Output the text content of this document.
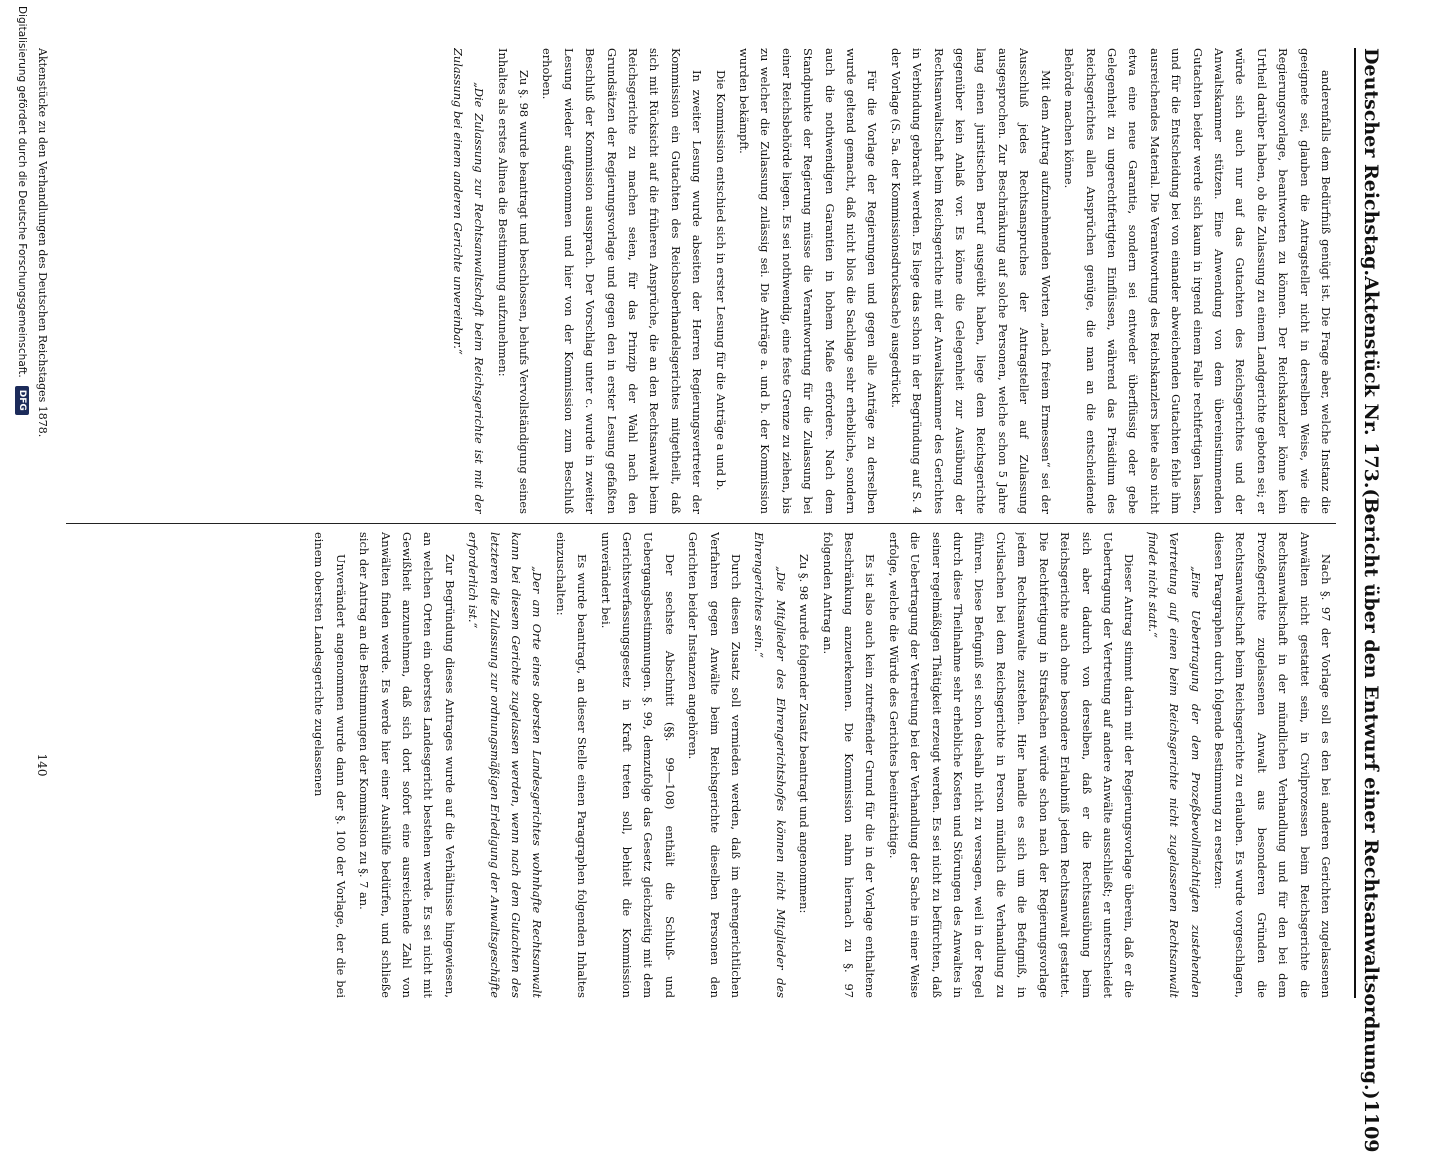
Deutscher Reichstag.
Aktenstück Nr. 173.
(Bericht über den Entwurf einer Rechtsanwaltsordnung.)
1109

anderenfalls dem Bedürfniß genügt ist. Die Frage aber, welche Instanz die geeignete sei, glauben die Antragsteller nicht in derselben Weise, wie die Regierungsvorlage, beantworten zu können. Der Reichskanzler könne kein Urtheil darüber haben, ob die Zulassung zu einem Landgerichte geboten sei; er würde sich auch nur auf das Gutachten des Reichsgerichtes und der Anwaltskammer stützen. Eine Anwendung von dem übereinstimmenden Gutachten beider werde sich kaum in irgend einem Falle rechtfertigen lassen, und für die Entscheidung bei von einander abweichenden Gutachten fehle ihm ausreichendes Material. Die Verantwortung des Reichskanzlers biete also nicht etwa eine neue Garantie, sondern sei entweder überflüssig oder gebe Gelegenheit zu ungerechtfertigten Einflüssen, während das Präsidium des Reichsgerichtes allen Ansprüchen genüge, die man an die entscheidende Behörde machen könne.

Mit dem Antrag aufzunehmenden Worten „nach freiem Ermessen“ sei der Ausschluß jedes Rechtsanspruches der Antragsteller auf Zulassung ausgesprochen. Zur Beschränkung auf solche Personen, welche schon 5 Jahre lang einen juristischen Beruf ausgeübt haben, liege dem Reichsgerichte gegenüber kein Anlaß vor. Es könne die Gelegenheit zur Ausübung der Rechtsanwaltschaft beim Reichsgerichte mit der Anwaltskammer des Gerichtes in Verbindung gebracht werden. Es liege das schon in der Begründung auf S. 4 der Vorlage (S. 5a. der Kommissionsdrucksache) ausgedrückt.

Für die Vorlage der Regierungen und gegen alle Anträge zu derselben wurde geltend gemacht, daß nicht blos die Sachlage sehr erhebliche, sondern auch die nothwendigen Garantien in hohem Maße erfordere. Nach dem Standpunkte der Regierung müsse die Verantwortung für die Zulassung bei einer Reichsbehörde liegen. Es sei nothwendig, eine feste Grenze zu ziehen, bis zu welcher die Zulassung zulässig sei. Die Anträge a. und b. der Kommission wurden bekämpft.

Die Kommission entschied sich in erster Lesung für die Anträge a und b.

In zweiter Lesung wurde abseiten der Herren Regierungsvertreter der Kommission ein Gutachten des Reichsoberhandelsgerichtes mitgetheilt, daß sich mit Rücksicht auf die früheren Ansprüche, die an den Rechtsanwalt beim Reichsgerichte zu machen seien, für das Prinzip der Wahl nach den Grundsätzen der Regierungsvorlage und gegen den in erster Lesung gefaßten Beschluß der Kommission aussprach. Der Vorschlag unter c. wurde in zweiter Lesung wieder aufgenommen und hier von der Kommission zum Beschluß erhoben.

Zu §. 98 wurde beantragt und beschlossen, behufs Vervollständigung seines Inhaltes als erstes Alinea die Bestimmung aufzunehmen:

„Die Zulassung zur Rechtsanwaltschaft beim Reichsgerichte ist mit der Zulassung bei einem anderen Gerichte unvereinbar.“

Nach §. 97 der Vorlage soll es den bei anderen Gerichten zugelassenen Anwälten nicht gestattet sein, in Civilprozessen beim Reichsgerichte die Rechtsanwaltschaft in der mündlichen Verhandlung und für den bei dem Prozeßgerichte zugelassenen Anwalt aus besonderen Gründen die Rechtsanwaltschaft beim Reichsgerichte zu erlauben. Es wurde vorgeschlagen, diesen Paragraphen durch folgende Bestimmung zu ersetzen:

„Eine Uebertragung der dem Prozeßbevollmächtigten zustehenden Vertretung auf einen beim Reichsgerichte nicht zugelassenen Rechtsanwalt findet nicht statt.“

Dieser Antrag stimmt darin mit der Regierungsvorlage überein, daß er die Uebertragung der Vertretung auf andere Anwälte ausschließt; er unterscheidet sich aber dadurch von derselben, daß er die Rechtsausübung beim Reichsgerichte auch ohne besondere Erlaubniß jedem Rechtsanwalt gestattet. Die Rechtfertigung in Strafsachen würde schon nach der Regierungsvorlage jedem Rechtsanwalte zustehen. Hier handle es sich um die Befugniß, in Civilsachen bei dem Reichsgerichte in Person mündlich die Verhandlung zu führen. Diese Befugniß sei schon deshalb nicht zu versagen, weil in der Regel durch diese Theilnahme sehr erhebliche Kosten und Störungen des Anwaltes in seiner regelmäßigen Thätigkeit erzeugt werden. Es sei nicht zu befürchten, daß die Uebertragung der Vertretung bei der Verhandlung der Sache in einer Weise erfolge, welche die Würde des Gerichtes beeinträchtige.

Es ist also auch kein zutreffender Grund für die in der Vorlage enthaltene Beschränkung anzuerkennen. Die Kommission nahm hiernach zu §. 97 folgenden Antrag an.

Zu §. 98 wurde folgender Zusatz beantragt und angenommen:

„Die Mitglieder des Ehrengerichtshofes können nicht Mitglieder des Ehrengerichtes sein.“

Durch diesen Zusatz soll vermieden werden, daß im ehrengerichtlichen Verfahren gegen Anwälte beim Reichsgerichte dieselben Personen den Gerichten beider Instanzen angehören.

Der sechste Abschnitt (§§. 99—108) enthält die Schluß- und Uebergangsbestimmungen. §. 99, demzufolge das Gesetz gleichzeitig mit dem Gerichtsverfassungsgesetz in Kraft treten soll, behielt die Kommission unverändert bei.

Es wurde beantragt, an dieser Stelle einen Paragraphen folgenden Inhaltes einzuschalten:

„Der am Orte eines obersten Landesgerichtes wohnhafte Rechtsanwalt kann bei diesem Gerichte zugelassen werden, wenn nach dem Gutachten des letzteren die Zulassung zur ordnungsmäßigen Erledigung der Anwaltsgeschäfte erforderlich ist.“

Zur Begründung dieses Antrages wurde auf die Verhältnisse hingewiesen, an welchen Orten ein oberstes Landesgericht bestehen werde. Es sei nicht mit Gewißheit anzunehmen, daß sich dort sofort eine ausreichende Zahl von Anwälten finden werde. Es werde hier einer Aushülfe bedürfen, und schließe sich der Antrag an die Bestimmungen der Kommission zu §. 7 an.

Unverändert angenommen wurde dann der §. 100 der Vorlage, der die bei einem obersten Landesgerichte zugelassenen

Aktenstücke zu den Verhandlungen des Deutschen Reichstages 1878.
140
Digitalisierung gefördert durch die Deutsche Forschungsgemeinschaft.
DFG
